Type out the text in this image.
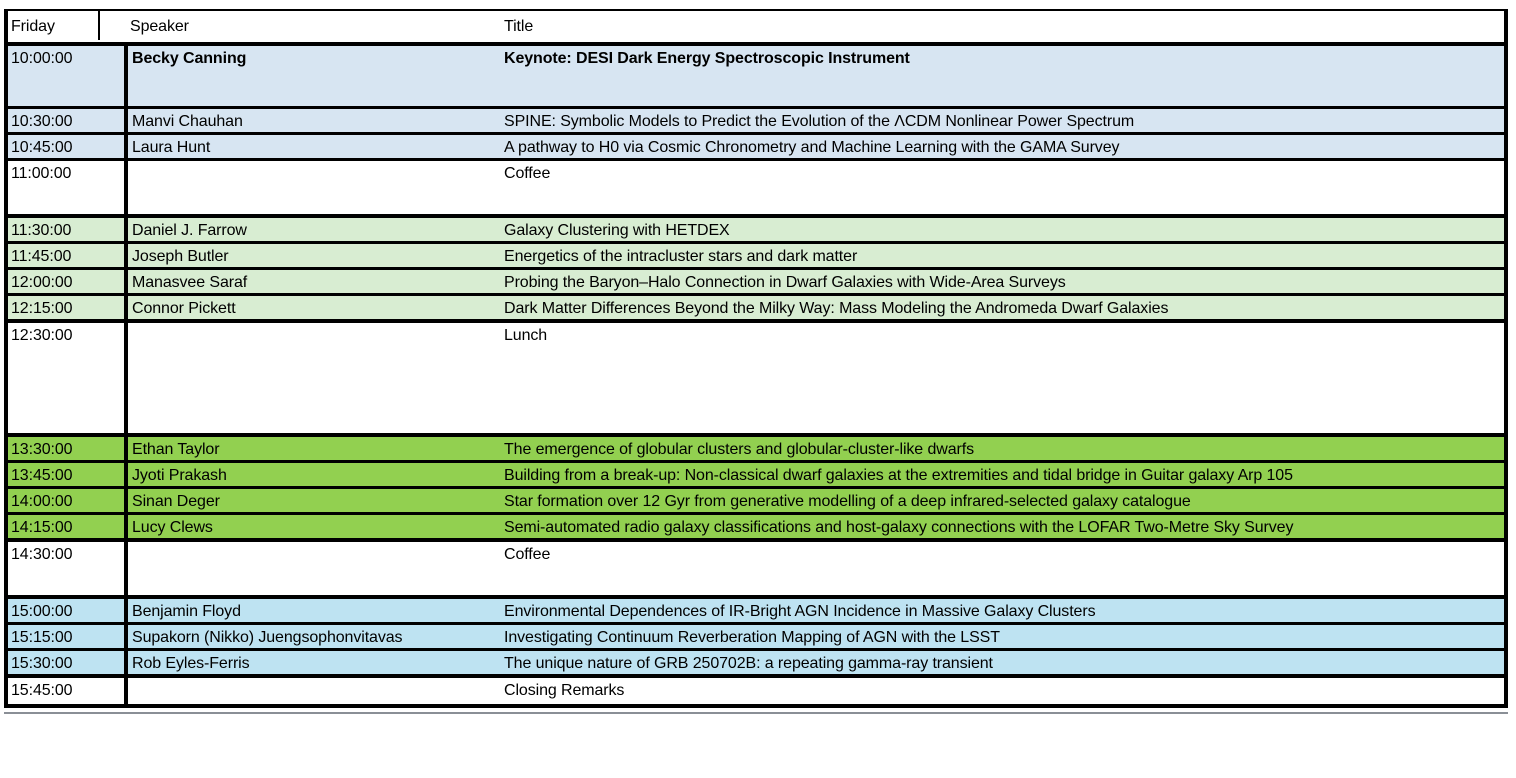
Friday	Speaker	Title
10:00:00	Becky Canning	Keynote: DESI Dark Energy Spectroscopic Instrument
10:30:00	Manvi Chauhan	SPINE: Symbolic Models to Predict the Evolution of the ΛCDM Nonlinear Power Spectrum
10:45:00	Laura Hunt	A pathway to H0 via Cosmic Chronometry and Machine Learning with the GAMA Survey
11:00:00		Coffee
11:30:00	Daniel J. Farrow	Galaxy Clustering with HETDEX
11:45:00	Joseph Butler	Energetics of the intracluster stars and dark matter
12:00:00	Manasvee Saraf	Probing the Baryon–Halo Connection in Dwarf Galaxies with Wide-Area Surveys
12:15:00	Connor Pickett	Dark Matter Differences Beyond the Milky Way: Mass Modeling the Andromeda Dwarf Galaxies
12:30:00		Lunch
13:30:00	Ethan Taylor	The emergence of globular clusters and globular-cluster-like dwarfs
13:45:00	Jyoti Prakash	Building from a break-up: Non-classical dwarf galaxies at the extremities and tidal bridge in Guitar galaxy Arp 105
14:00:00	Sinan Deger	Star formation over 12 Gyr from generative modelling of a deep infrared-selected galaxy catalogue
14:15:00	Lucy Clews	Semi-automated radio galaxy classifications and host-galaxy connections with the LOFAR Two-Metre Sky Survey
14:30:00		Coffee
15:00:00	Benjamin Floyd	Environmental Dependences of IR-Bright AGN Incidence in Massive Galaxy Clusters
15:15:00	Supakorn (Nikko) Juengsophonvitavas	Investigating Continuum Reverberation Mapping of AGN with the LSST
15:30:00	Rob Eyles-Ferris	The unique nature of GRB 250702B: a repeating gamma-ray transient
15:45:00		Closing Remarks
